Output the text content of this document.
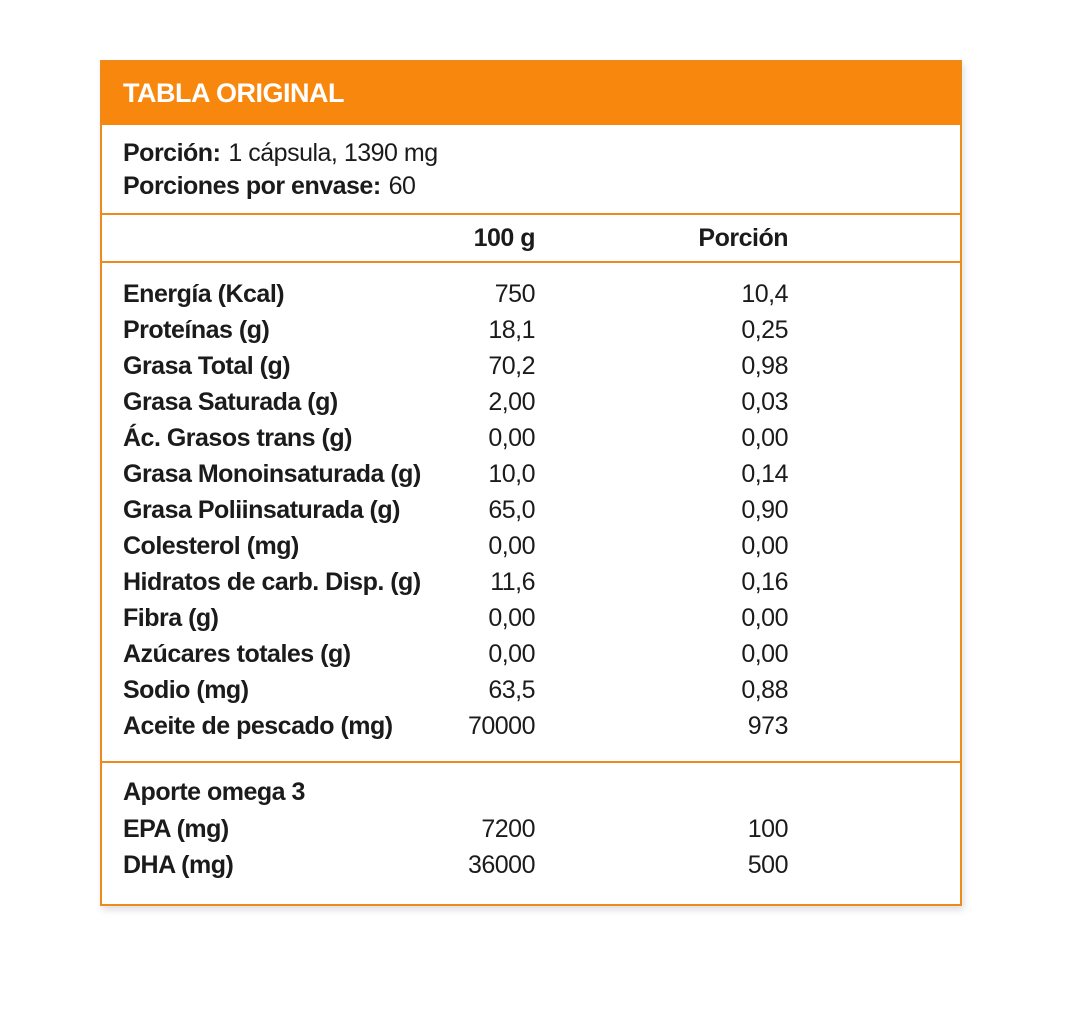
TABLA ORIGINAL
Porción: 1 cápsula, 1390 mg
Porciones por envase: 60
100 g	Porción
Energía (Kcal)	750	10,4
Proteínas (g)	18,1	0,25
Grasa Total (g)	70,2	0,98
Grasa Saturada (g)	2,00	0,03
Ác. Grasos trans (g)	0,00	0,00
Grasa Monoinsaturada (g)	10,0	0,14
Grasa Poliinsaturada (g)	65,0	0,90
Colesterol (mg)	0,00	0,00
Hidratos de carb. Disp. (g)	11,6	0,16
Fibra (g)	0,00	0,00
Azúcares totales (g)	0,00	0,00
Sodio (mg)	63,5	0,88
Aceite de pescado (mg)	70000	973
Aporte omega 3
EPA (mg)	7200	100
DHA (mg)	36000	500
